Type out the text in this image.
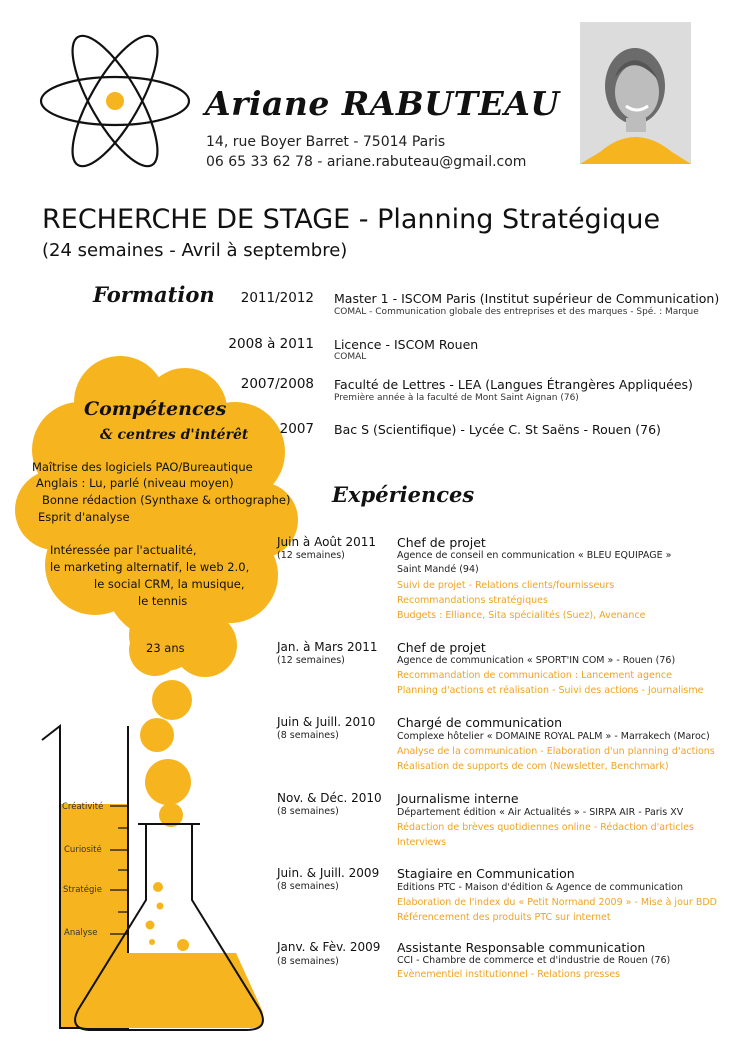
Ariane RABUTEAU
14, rue Boyer Barret - 75014 Paris
06 65 33 62 78 - ariane.rabuteau@gmail.com
RECHERCHE DE STAGE - Planning Stratégique
(24 semaines - Avril à septembre)
Formation	2011/2012 Master 1 - ISCOM Paris (Institut supérieur de Communication)
COMAL - Communication globale des entreprises et des marques - Spé. : Marque
2008 à 2011 Licence - ISCOM Rouen
COMAL
2007/2008 Faculté de Lettres - LEA (Langues Étrangères Appliquées)
Première année à la faculté de Mont Saint Aignan (76)
2007 Bac S (Scientifique) - Lycée C. St Saëns - Rouen (76)
Compétences
& centres d'intérêt
Maîtrise des logiciels PAO/Bureautique
Anglais : Lu, parlé (niveau moyen)
Bonne rédaction (Synthaxe & orthographe)
Esprit d'analyse
Intéressée par l'actualité,
le marketing alternatif, le web 2.0,
le social CRM, la musique,
le tennis
23 ans
Créativité
Curiosité
Stratégie
Analyse
Expériences
Juin à Août 2011
(12 semaines)
Chef de projet
Agence de conseil en communication « BLEU EQUIPAGE »
Saint Mandé (94)
Suivi de projet - Relations clients/fournisseurs
Recommandations stratégiques
Budgets : Elliance, Sita spécialités (Suez), Avenance
Jan. à Mars 2011
(12 semaines)
Chef de projet
Agence de communication « SPORT'IN COM » - Rouen (76)
Recommandation de communication : Lancement agence
Planning d'actions et réalisation - Suivi des actions - Journalisme
Juin & Juill. 2010
(8 semaines)
Chargé de communication
Complexe hôtelier « DOMAINE ROYAL PALM » - Marrakech (Maroc)
Analyse de la communication - Elaboration d'un planning d'actions
Réalisation de supports de com (Newsletter, Benchmark)
Nov. & Déc. 2010
(8 semaines)
Journalisme interne
Département édition « Air Actualités » - SIRPA AIR - Paris XV
Rédaction de brèves quotidiennes online - Rédaction d'articles
Interviews
Juin. & Juill. 2009
(8 semaines)
Stagiaire en Communication
Editions PTC - Maison d'édition & Agence de communication
Elaboration de l'index du « Petit Normand 2009 » - Mise à jour BDD
Référencement des produits PTC sur internet
Janv. & Fèv. 2009
(8 semaines)
Assistante Responsable communication
CCI - Chambre de commerce et d'industrie de Rouen (76)
Evènementiel institutionnel - Relations presses
